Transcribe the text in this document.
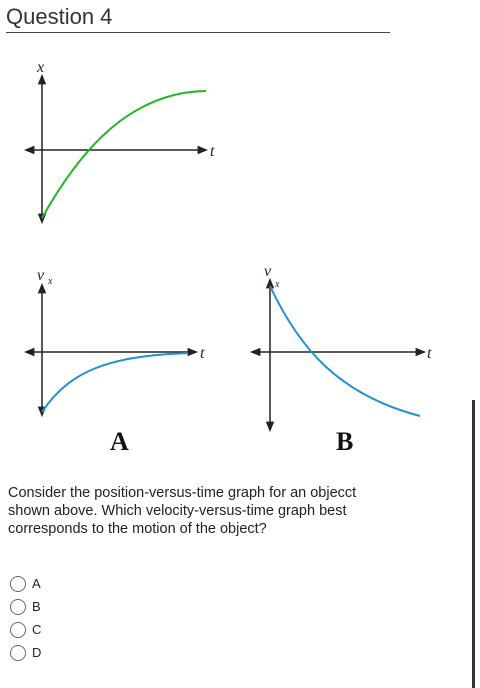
Question 4
x
t
v x
t
A
v
x
t
B
Consider the position-versus-time graph for an objecct shown above. Which velocity-versus-time graph best corresponds to the motion of the object?
A
B
C
D
